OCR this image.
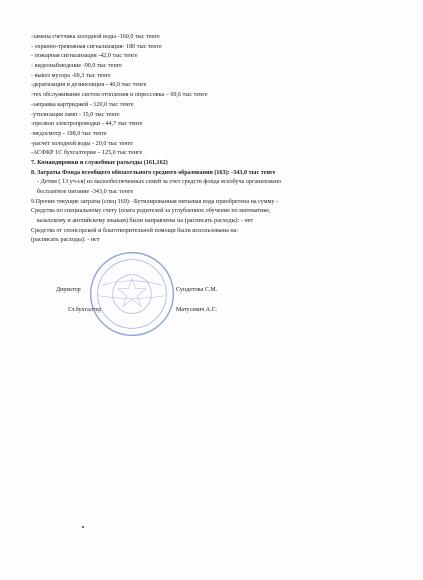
-замена счетчика холодной воды -160,0 тыс тенге
- охранно-тревожная сигнализация- 180 тыс тенге
- пожарная сигнализация -42,0 тыс тенге
- видеонаблюдение -90,0 тыс тенге
- вывоз мусора -69,3 тыс тенге
-дератизация и дезинсекция - 40,0 тыс тенге
-тех обслуживание систем отопления и опрессовка – 69,6 тыс тенге
-заправка картриджей - 120,0 тыс тенге
-утилизация ламп - 15,0 тыс тенге
-прозвон электропроводки - 44,7 тыс тенге
-медосмотр - 198,0 тыс тенге
-расчет холодной воды - 20,0 тыс тенге
-АСФКР 1С бухгалтерия – 125,0 тыс тенге
7. Командировки и служебные разъезды (161,162)
8. Затраты Фонда всеобщего обязательного среднего образования (163): -343,0 тыс тенге
- Детям ( 13 уч-ся) из малообеспеченных семей за счет средств фонда всеобуча организовано
бесплатное питание -343,0 тыс тенге
9.Прочие текущие затраты (спец 169): -Бутилированная питьевая вода приобретена на сумму -
Средства по специальному счету (плата родителей за углубленное обучение по математике,
казахскому и английскому языкам) были направлены на (расписать расходы): - нет
Средства от спонсорской и благотворительной помощи были использованы на:
(расписать расходы): - нет
Директор	Сундетова С.М.
Гл.бухгалтер	Матусевич А.С.
